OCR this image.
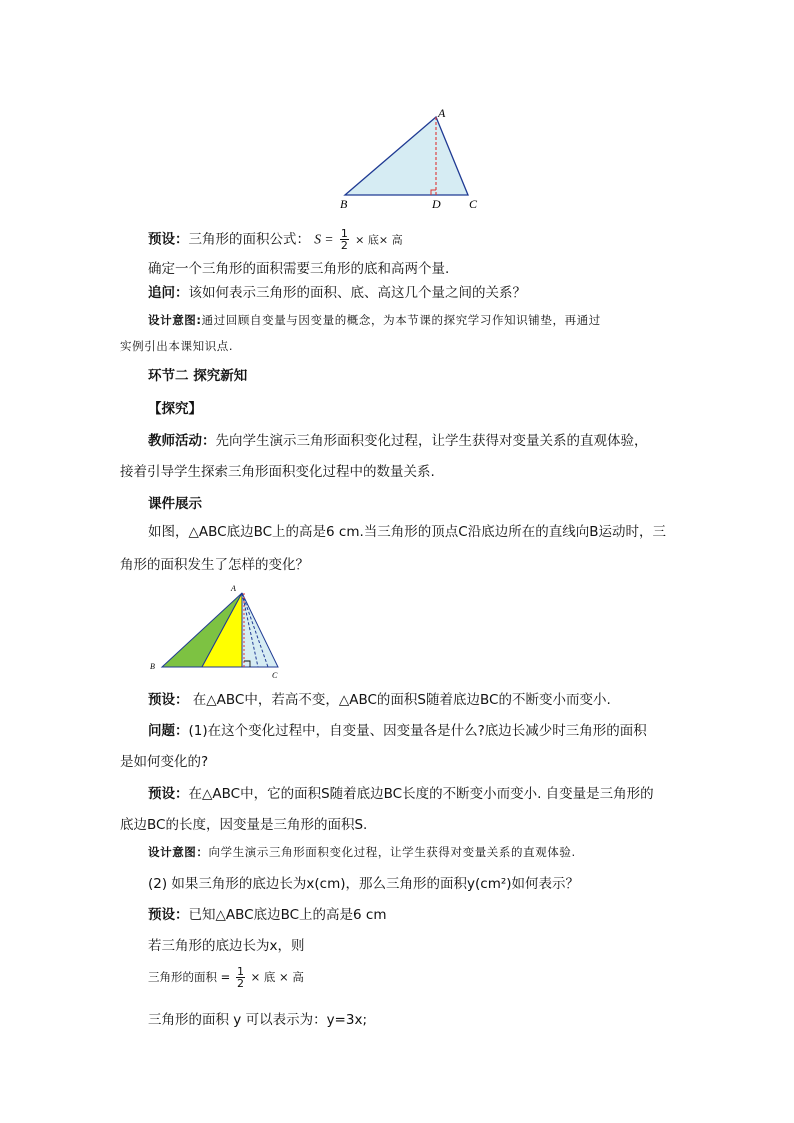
A
B	D C
预设：三角形的面积公式： $S = \frac{1}{2}$ × 底× 高
确定一个三角形的面积需要三角形的底和高两个量.
追问：该如何表示三角形的面积、底、高这几个量之间的关系？
设计意图:通过回顾自变量与因变量的概念，为本节课的探究学习作知识铺垫，再通过
实例引出本课知识点.
环节二 探究新知
【探究】
教师活动：先向学生演示三角形面积变化过程，让学生获得对变量关系的直观体验，
接着引导学生探索三角形面积变化过程中的数量关系.
课件展示
如图，△ABC底边BC上的高是6 cm.当三角形的顶点C沿底边所在的直线向B运动时，三
角形的面积发生了怎样的变化？
A
B
C
预设： 在△ABC中，若高不变，△ABC的面积S随着底边BC的不断变小而变小.
问题：(1)在这个变化过程中，自变量、因变量各是什么?底边长减少时三角形的面积
是如何变化的?
预设：在△ABC中，它的面积S随着底边BC长度的不断变小而变小. 自变量是三角形的
底边BC的长度，因变量是三角形的面积S.
设计意图：向学生演示三角形面积变化过程，让学生获得对变量关系的直观体验.
(2) 如果三角形的底边长为x(cm)，那么三角形的面积y(cm²)如何表示？
预设：已知△ABC底边BC上的高是6 cm
若三角形的底边长为x，则
三角形的面积 = $\frac{1}{2}$ × 底 × 高
三角形的面积 y 可以表示为：y=3x;
